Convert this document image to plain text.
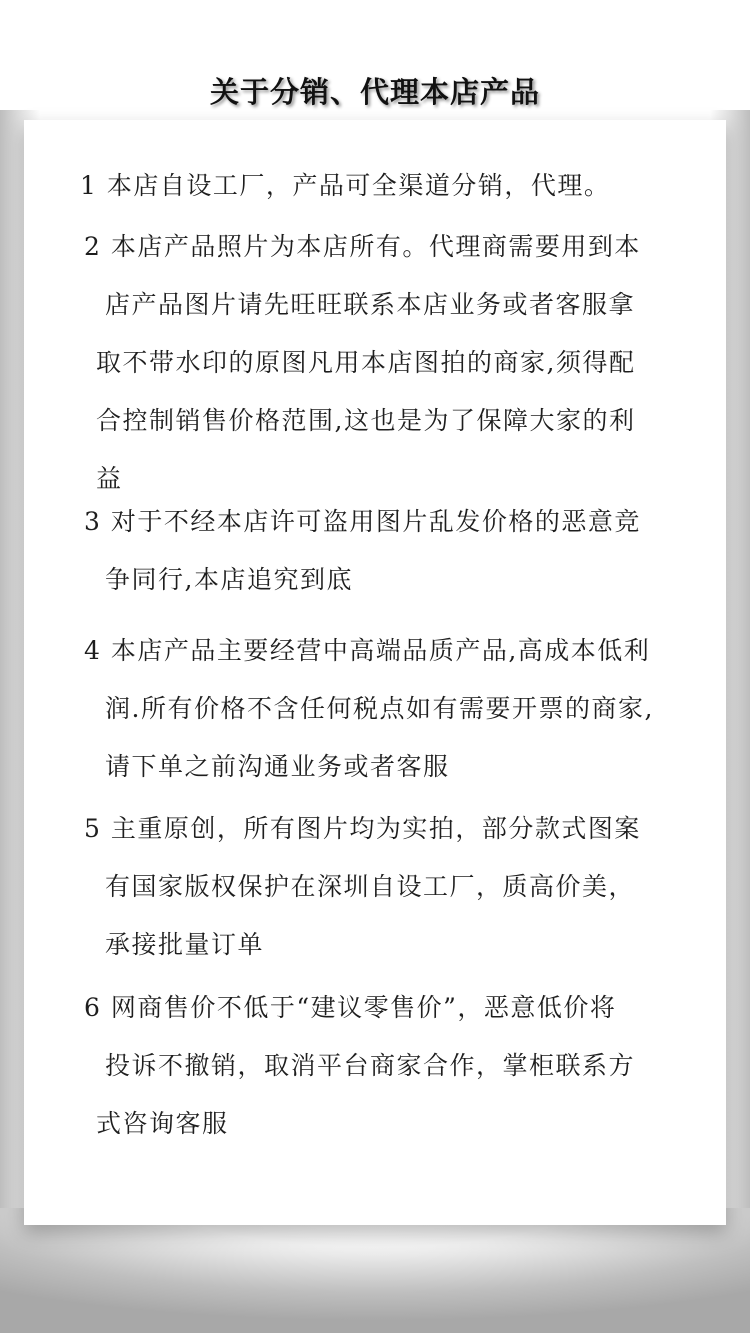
关于分销、代理本店产品
1 本店自设工厂，产品可全渠道分销，代理。
2 本店产品照片为本店所有。代理商需要用到本
店产品图片请先旺旺联系本店业务或者客服拿
取不带水印的原图凡用本店图拍的商家,须得配
合控制销售价格范围,这也是为了保障大家的利
益
3 对于不经本店许可盗用图片乱发价格的恶意竞
争同行,本店追究到底
4 本店产品主要经营中高端品质产品,高成本低利
润.所有价格不含任何税点如有需要开票的商家,
请下单之前沟通业务或者客服
5 主重原创，所有图片均为实拍，部分款式图案
有国家版权保护在深圳自设工厂，质高价美，
承接批量订单
6 网商售价不低于“建议零售价”，恶意低价将
投诉不撤销，取消平台商家合作，掌柜联系方
式咨询客服
